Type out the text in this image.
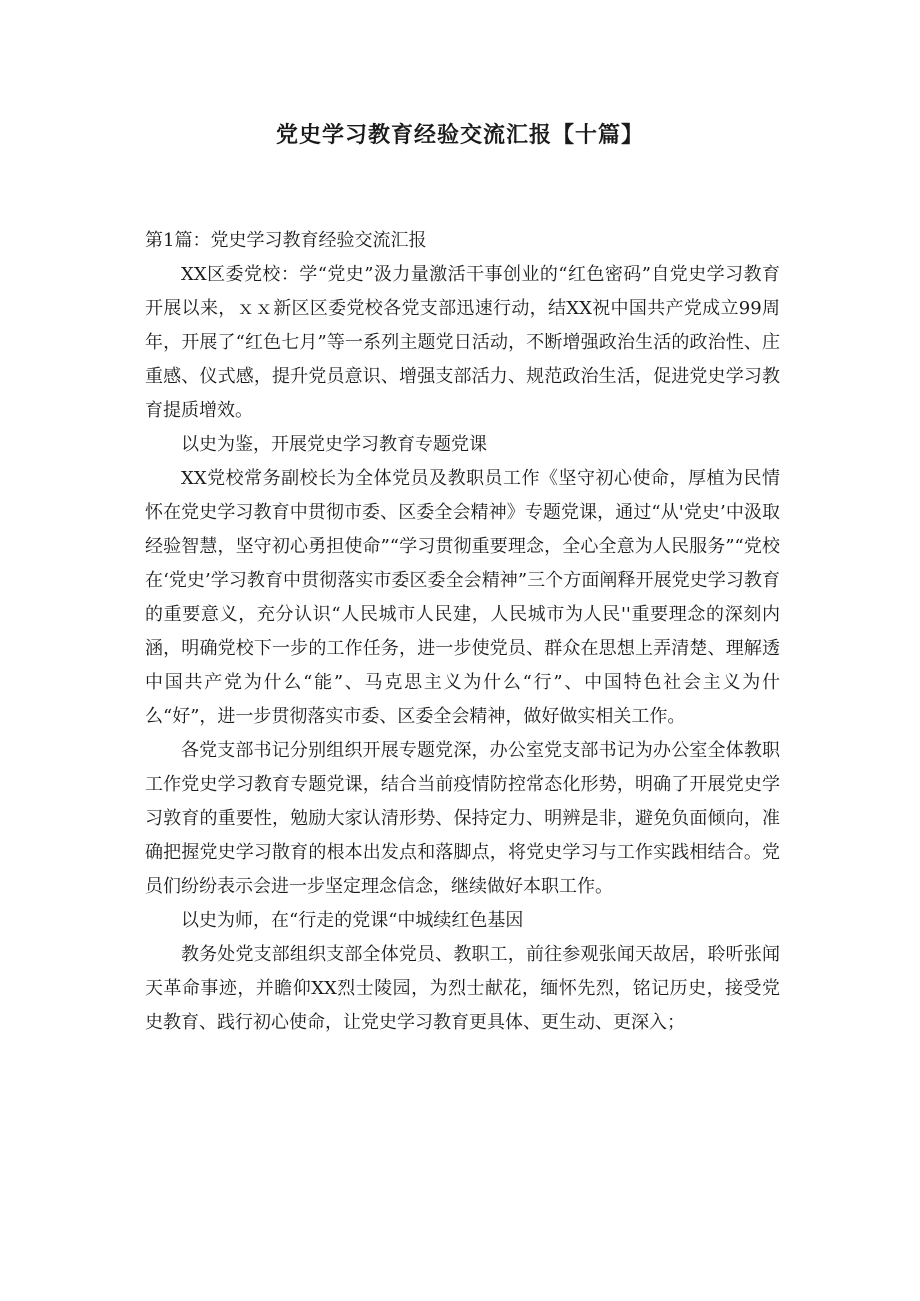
党史学习教育经验交流汇报【十篇】

第1篇：党史学习教育经验交流汇报

XX区委党校：学“党史”汲力量激活干事创业的“红色密码”自党史学习教育开展以来，ｘｘ新区区委党校各党支部迅速行动，结XX祝中国共产党成立99周年，开展了“红色七月”等一系列主题党日活动，不断增强政治生活的政治性、庄重感、仪式感，提升党员意识、增强支部活力、规范政治生活，促进党史学习教育提质增效。

以史为鉴，开展党史学习教育专题党课

XX党校常务副校长为全体党员及教职员工作《坚守初心使命，厚植为民情怀在党史学习教育中贯彻市委、区委全会精神》专题党课，通过“从'党史’中汲取经验智慧，坚守初心勇担使命”“学习贯彻重要理念，全心全意为人民服务”“党校在‘党史’学习教育中贯彻落实市委区委全会精神”三个方面阐释开展党史学习教育的重要意义，充分认识“人民城市人民建，人民城市为人民''重要理念的深刻内涵，明确党校下一步的工作任务，进一步使党员、群众在思想上弄清楚、理解透中国共产党为什么“能”、马克思主义为什么“行”、中国特色社会主义为什么“好”，进一步贯彻落实市委、区委全会精神，做好做实相关工作。

各党支部书记分别组织开展专题党深，办公室党支部书记为办公室全体教职工作党史学习教育专题党课，结合当前疫情防控常态化形势，明确了开展党史学习敦育的重要性，勉励大家认清形势、保持定力、明辨是非，避免负面倾向，准确把握党史学习散育的根本出发点和落脚点，将党史学习与工作实践相结合。党员们纷纷表示会进一步坚定理念信念，继续做好本职工作。

以史为师，在“行走的党课“中城续红色基因

教务处党支部组织支部全体党员、教职工，前往参观张闻天故居，聆听张闻天革命事迹，并瞻仰XX烈士陵园，为烈士献花，缅怀先烈，铭记历史，接受党史教育、践行初心使命，让党史学习教育更具体、更生动、更深入；
